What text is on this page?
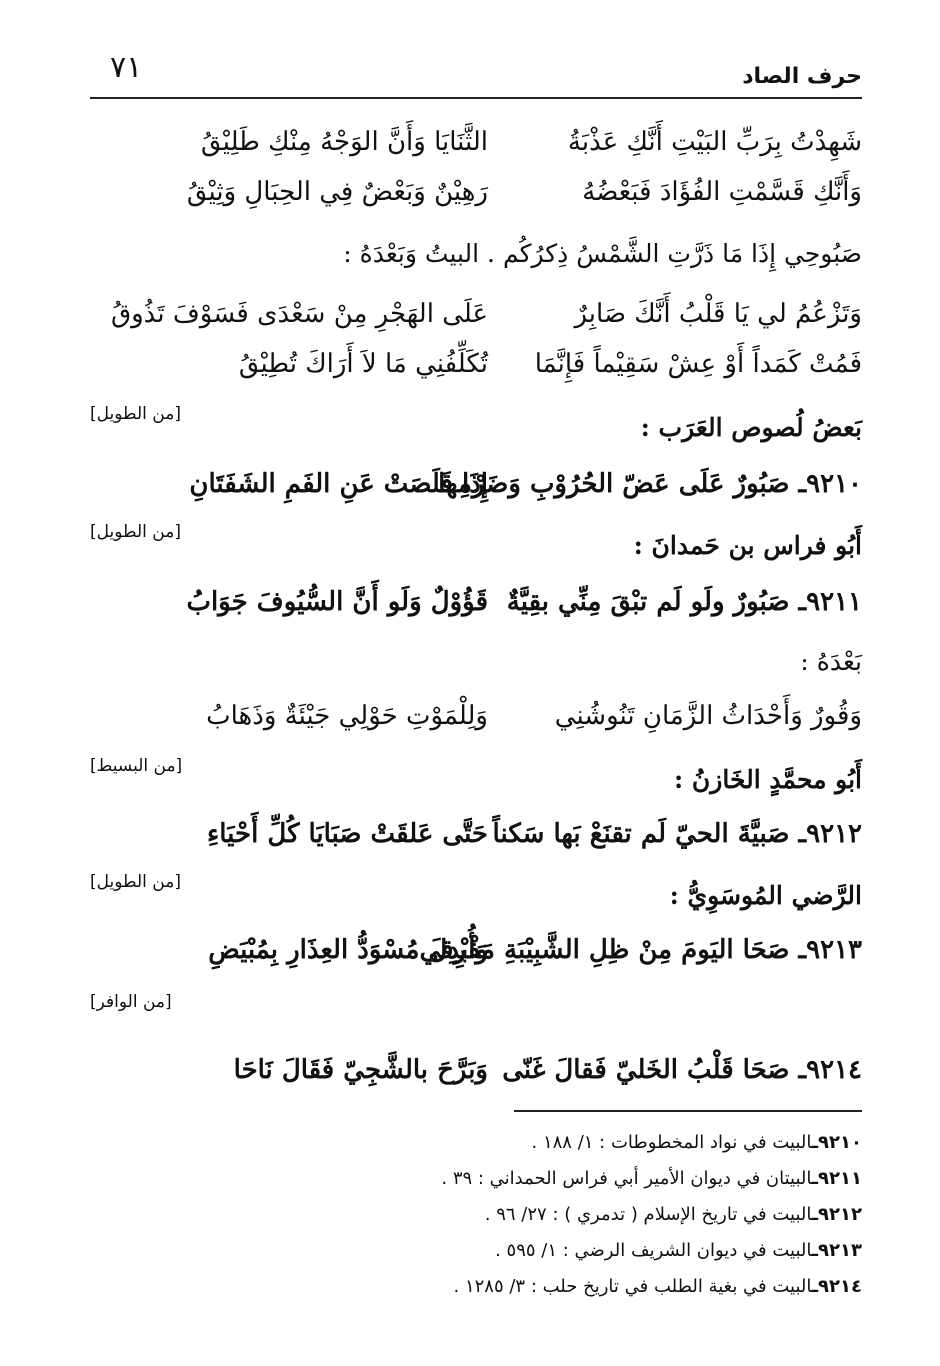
٧١	حرف الصاد
شَهِدْتُ بِرَبِّ البَيْتِ أَنَّكِ عَذْبَةُ
الثَّنَايَا وَأَنَّ الوَجْهُ مِنْكِ طَلِيْقُ
وَأَنَّكِ قَسَّمْتِ الفُؤَادَ فَبَعْضُهُ
رَهِيْنٌ وَبَعْضٌ فِي الحِبَالِ وَثِيْقُ
صَبُوحِي إِذَا مَا ذَرَّتِ الشَّمْسُ ذِكرُكُم . البيتُ وَبَعْدَهُ :
وَتَزْعُمُ لي يَا قَلْبُ أَنَّكَ صَابِرٌ
عَلَى الهَجْرِ مِنْ سَعْدَى فَسَوْفَ تَذُوقُ
فَمُتْ كَمَداً أَوْ عِشْ سَقِيْماً فَإِنَّمَا
تُكَلِّفُنِي مَا لاَ أَرَاكَ تُطِيْقُ
بَعضُ لُصوص العَرَب :
[من الطويل]
٩٢١٠ـ صَبُورٌ عَلَى عَضّ الحُرُوْبِ وَضَرْمِها
إِذَا قَلَصَتْ عَنِ الفَمِ الشَفَتَانِ
أَبُو فراس بن حَمدانَ :
[من الطويل]
٩٢١١ـ صَبُورٌ ولَو لَم تبْقَ مِنِّي بقِيَّةٌ
قَؤُوْلٌ وَلَو أَنَّ السُّيُوفَ جَوَابُ
بَعْدَهُ :
وَقُورٌ وَأَحْدَاثُ الزَّمَانِ تَنُوشُنِي
وَلِلْمَوْتِ حَوْلِي جَيْئَةٌ وَذَهَابُ
أَبُو محمَّدٍ الخَازنُ :
[من البسيط]
٩٢١٢ـ صَبيَّةَ الحيّ لَم تقنَعْ بَها سَكناً
حَتَّى عَلقَتْ صَبَايَا كُلِّ أَحْيَاءِ
الرَّضي المُوسَوِيُّ :
[من الطويل]
٩٢١٣ـ صَحَا اليَومَ مِنْ ظِلِ الشَّبِيْبَةِ مَفْرِقي
وَأُبْدِلَ مُسْوَدُّ العِذَارِ بِمُبْيَضِ
[من الوافر]
٩٢١٤ـ صَحَا قَلْبُ الخَليّ فَقالَ غَنّى
وَبَرَّحَ بالشَّجِيّ فَقَالَ نَاحَا
٩٢١٠ـالبيت في نواد المخطوطات : ١/ ١٨٨ .
٩٢١١ـالبيتان في ديوان الأمير أبي فراس الحمداني : ٣٩ .
٩٢١٢ـالبيت في تاريخ الإسلام ( تدمري ) : ٢٧/ ٩٦ .
٩٢١٣ـالبيت في ديوان الشريف الرضي : ١/ ٥٩٥ .
٩٢١٤ـالبيت في بغية الطلب في تاريخ حلب : ٣/ ١٢٨٥ .
